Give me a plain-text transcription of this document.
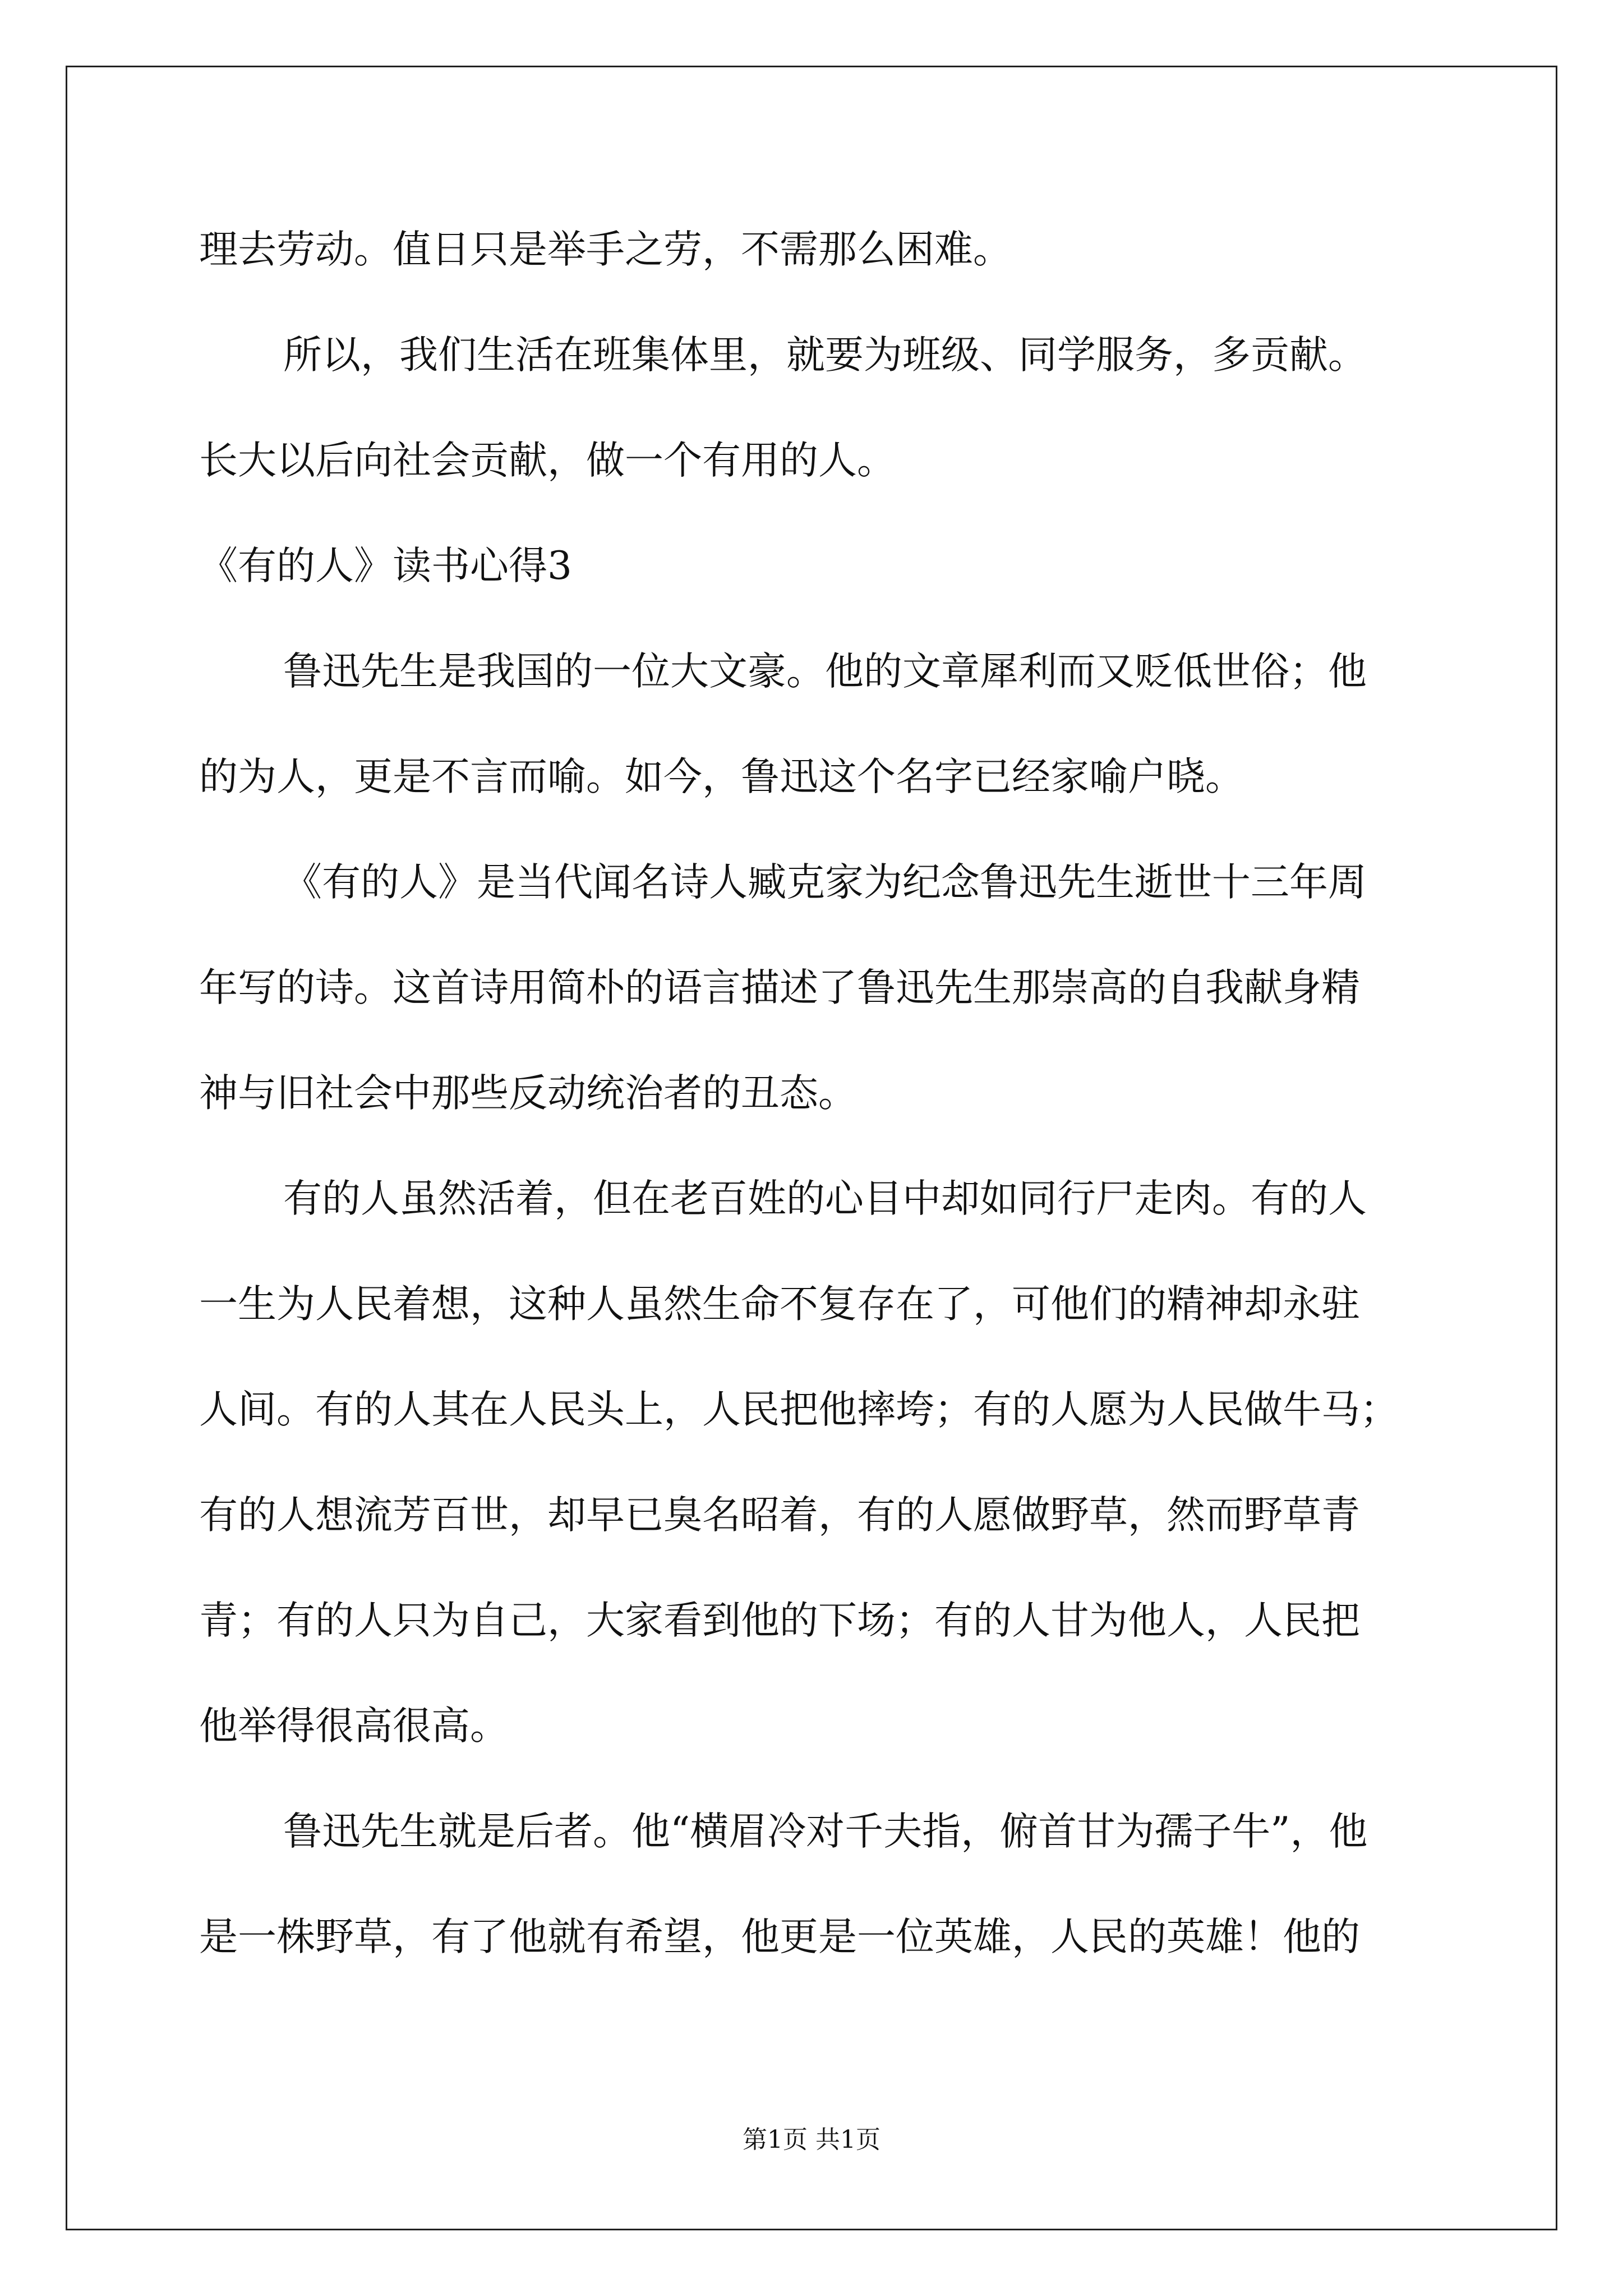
理去劳动。值日只是举手之劳，不需那么困难。
所以，我们生活在班集体里，就要为班级、同学服务，多贡献。
长大以后向社会贡献，做一个有用的人。
《有的人》读书心得3
鲁迅先生是我国的一位大文豪。他的文章犀利而又贬低世俗；他
的为人，更是不言而喻。如今，鲁迅这个名字已经家喻户晓。
《有的人》是当代闻名诗人臧克家为纪念鲁迅先生逝世十三年周
年写的诗。这首诗用简朴的语言描述了鲁迅先生那崇高的自我献身精
神与旧社会中那些反动统治者的丑态。
有的人虽然活着，但在老百姓的心目中却如同行尸走肉。有的人
一生为人民着想，这种人虽然生命不复存在了，可他们的精神却永驻
人间。有的人其在人民头上，人民把他摔垮；有的人愿为人民做牛马；
有的人想流芳百世，却早已臭名昭着，有的人愿做野草，然而野草青
青；有的人只为自己，大家看到他的下场；有的人甘为他人，人民把
他举得很高很高。
鲁迅先生就是后者。他“横眉冷对千夫指，俯首甘为孺子牛”，他
是一株野草，有了他就有希望，他更是一位英雄，人民的英雄！他的
第1页 共1页
